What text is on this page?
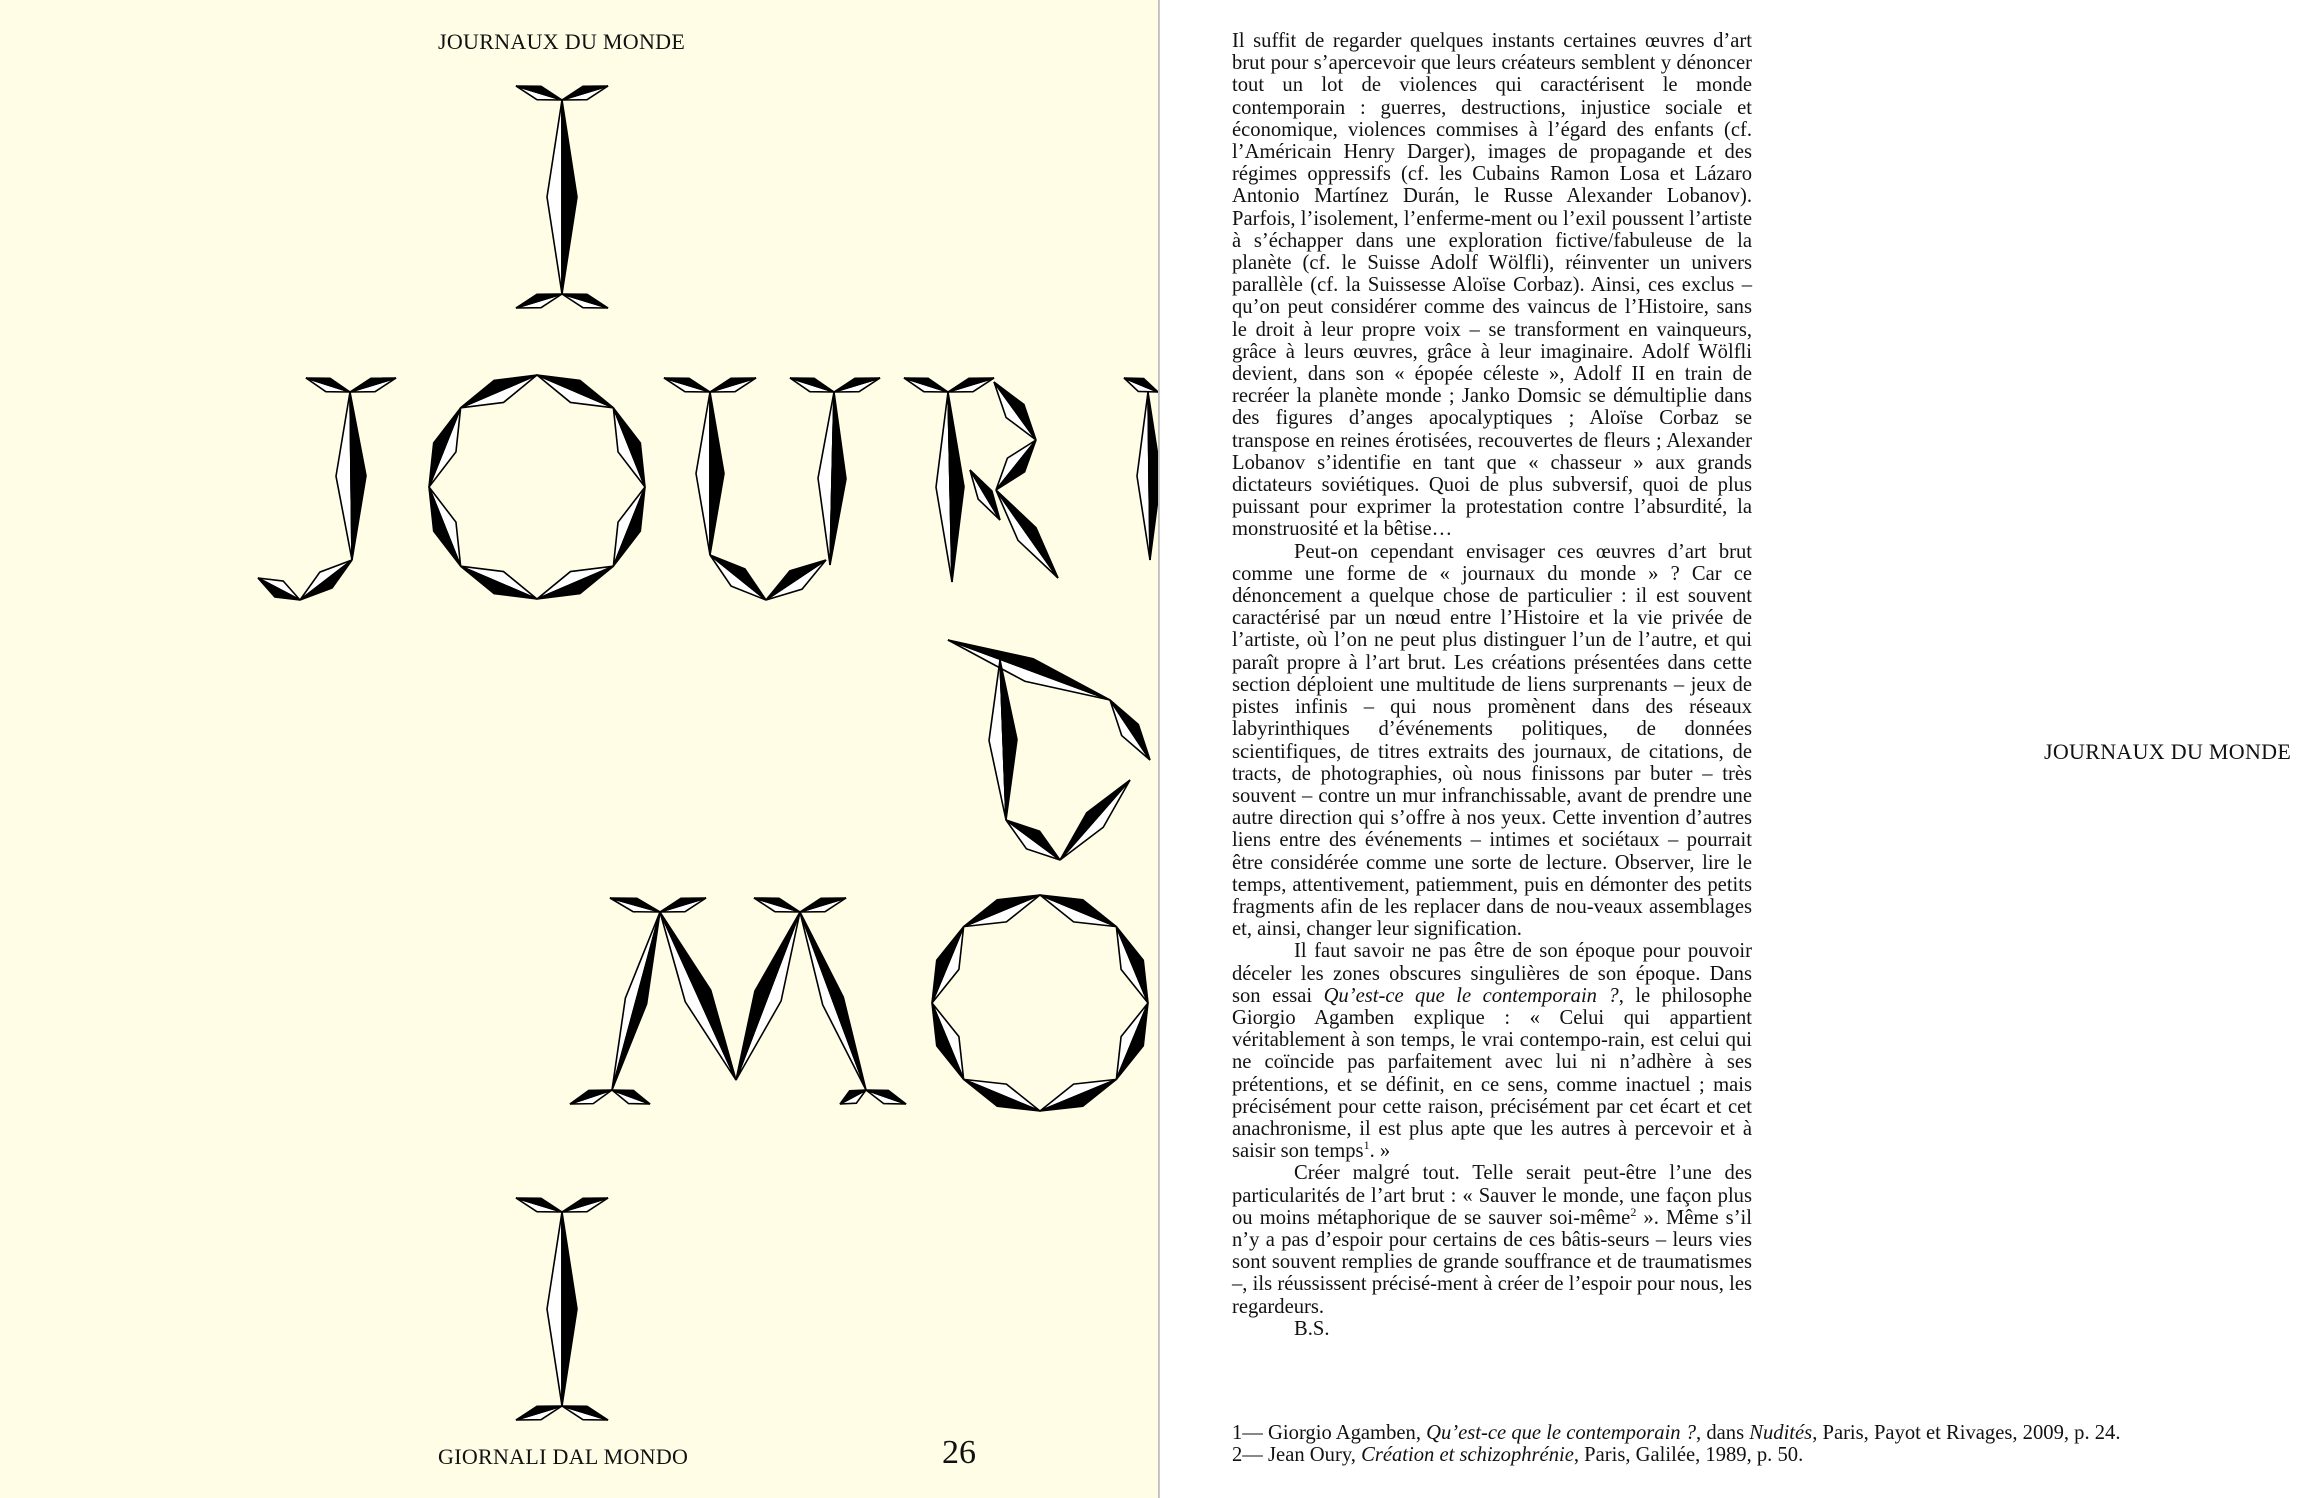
JOURNAUX DU MONDE
GIORNALI DAL MONDO	26

Il suffit de regarder quelques instants certaines œuvres d’art brut pour s’apercevoir que leurs créateurs semblent y dénoncer tout un lot de violences qui caractérisent le monde contemporain : guerres, destructions, injustice sociale et économique, violences commises à l’égard des enfants (cf. l’Américain Henry Darger), images de propagande et des régimes oppressifs (cf. les Cubains Ramon Losa et Lázaro Antonio Martínez Durán, le Russe Alexander Lobanov). Parfois, l’isolement, l’enferme-ment ou l’exil poussent l’artiste à s’échapper dans une exploration fictive/fabuleuse de la planète (cf. le Suisse Adolf Wölfli), réinventer un univers parallèle (cf. la Suissesse Aloïse Corbaz). Ainsi, ces exclus – qu’on peut considérer comme des vaincus de l’Histoire, sans le droit à leur propre voix – se transforment en vainqueurs, grâce à leurs œuvres, grâce à leur imaginaire. Adolf Wölfli devient, dans son « épopée céleste », Adolf II en train de recréer la planète monde ; Janko Domsic se démultiplie dans des figures d’anges apocalyptiques ; Aloïse Corbaz se transpose en reines érotisées, recouvertes de fleurs ; Alexander Lobanov s’identifie en tant que « chasseur » aux grands dictateurs soviétiques. Quoi de plus subversif, quoi de plus puissant pour exprimer la protestation contre l’absurdité, la monstruosité et la bêtise…

Peut-on cependant envisager ces œuvres d’art brut comme une forme de « journaux du monde » ? Car ce dénoncement a quelque chose de particulier : il est souvent caractérisé par un nœud entre l’Histoire et la vie privée de l’artiste, où l’on ne peut plus distinguer l’un de l’autre, et qui paraît propre à l’art brut. Les créations présentées dans cette section déploient une multitude de liens surprenants – jeux de pistes infinis – qui nous promènent dans des réseaux labyrinthiques d’événements politiques, de données scientifiques, de titres extraits des journaux, de citations, de tracts, de photographies, où nous finissons par buter – très souvent – contre un mur infranchissable, avant de prendre une autre direction qui s’offre à nos yeux. Cette invention d’autres liens entre des événements – intimes et sociétaux – pourrait être considérée comme une sorte de lecture. Observer, lire le temps, attentivement, patiemment, puis en démonter des petits fragments afin de les replacer dans de nou-veaux assemblages et, ainsi, changer leur signification.

Il faut savoir ne pas être de son époque pour pouvoir déceler les zones obscures singulières de son époque. Dans son essai Qu’est-ce que le contemporain ?, le philosophe Giorgio Agamben explique : « Celui qui appartient véritablement à son temps, le vrai contempo-rain, est celui qui ne coïncide pas parfaitement avec lui ni n’adhère à ses prétentions, et se définit, en ce sens, comme inactuel ; mais précisément pour cette raison, précisément par cet écart et cet anachronisme, il est plus apte que les autres à percevoir et à saisir son temps$^1$. »

Créer malgré tout. Telle serait peut-être l’une des particularités de l’art brut : « Sauver le monde, une façon plus ou moins métaphorique de se sauver soi-même$^2$ ». Même s’il n’y a pas d’espoir pour certains de ces bâtis-seurs – leurs vies sont souvent remplies de grande souffrance et de traumatismes –, ils réussissent précisé-ment à créer de l’espoir pour nous, les regardeurs.

B.S.

JOURNAUX DU MONDE
1— Giorgio Agamben, Qu’est-ce que le contemporain ?, dans Nudités, Paris, Payot et Rivages, 2009, p. 24.
2— Jean Oury, Création et schizophrénie, Paris, Galilée, 1989, p. 50.
